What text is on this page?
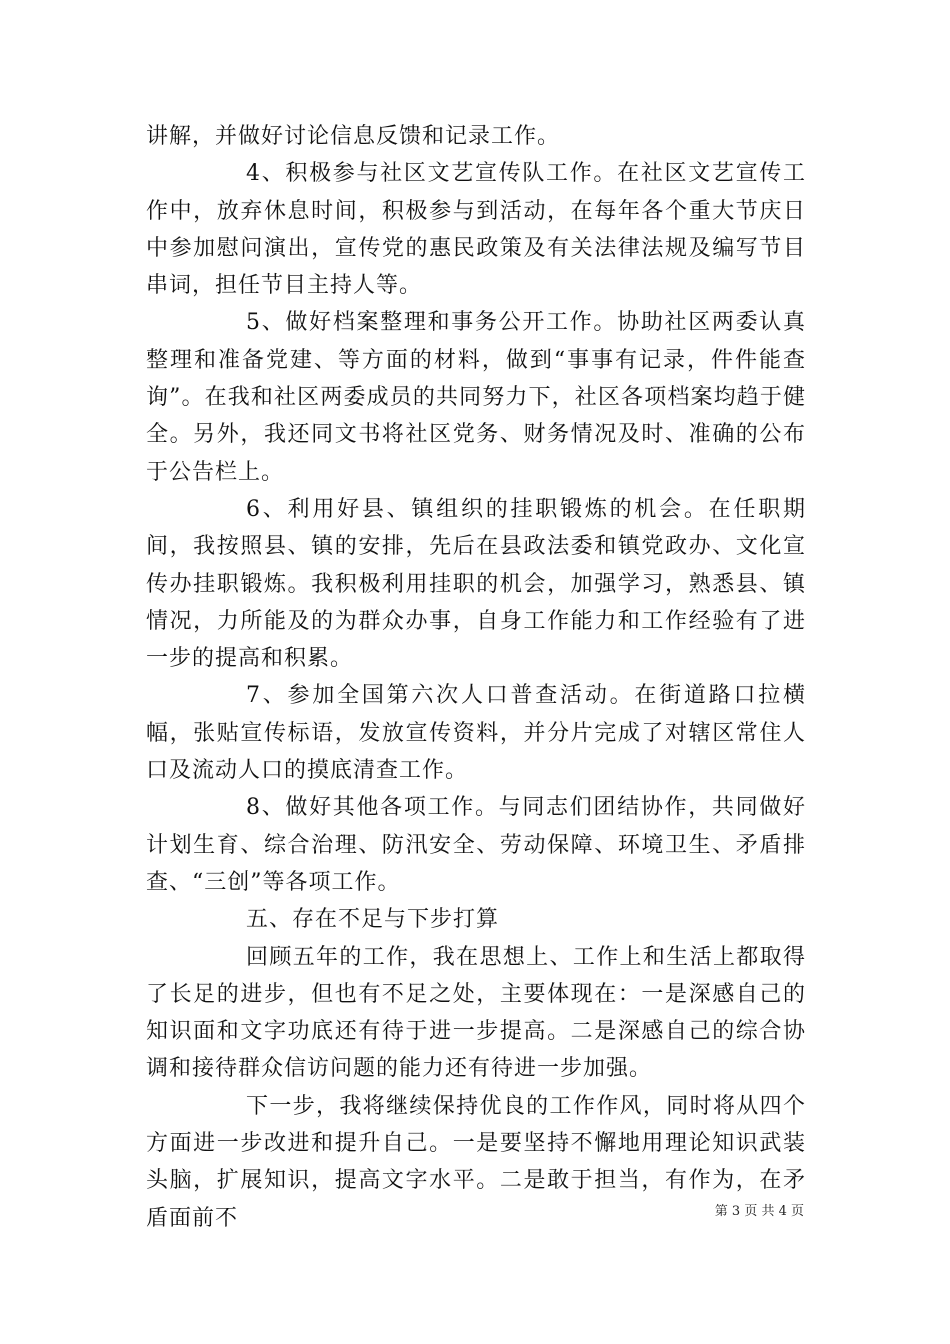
讲解，并做好讨论信息反馈和记录工作。

4、积极参与社区文艺宣传队工作。在社区文艺宣传工作中，放弃休息时间，积极参与到活动，在每年各个重大节庆日中参加慰问演出，宣传党的惠民政策及有关法律法规及编写节目串词，担任节目主持人等。

5、做好档案整理和事务公开工作。协助社区两委认真整理和准备党建、等方面的材料，做到“事事有记录，件件能查询”。在我和社区两委成员的共同努力下，社区各项档案均趋于健全。另外，我还同文书将社区党务、财务情况及时、准确的公布于公告栏上。

6、利用好县、镇组织的挂职锻炼的机会。在任职期间，我按照县、镇的安排，先后在县政法委和镇党政办、文化宣传办挂职锻炼。我积极利用挂职的机会，加强学习，熟悉县、镇情况，力所能及的为群众办事，自身工作能力和工作经验有了进一步的提高和积累。

7、参加全国第六次人口普查活动。在街道路口拉横幅，张贴宣传标语，发放宣传资料，并分片完成了对辖区常住人口及流动人口的摸底清查工作。

8、做好其他各项工作。与同志们团结协作，共同做好计划生育、综合治理、防汛安全、劳动保障、环境卫生、矛盾排查、“三创”等各项工作。

五、存在不足与下步打算

回顾五年的工作，我在思想上、工作上和生活上都取得了长足的进步，但也有不足之处，主要体现在：一是深感自己的知识面和文字功底还有待于进一步提高。二是深感自己的综合协调和接待群众信访问题的能力还有待进一步加强。

下一步，我将继续保持优良的工作作风，同时将从四个方面进一步改进和提升自己。一是要坚持不懈地用理论知识武装头脑，扩展知识，提高文字水平。二是敢于担当，有作为，在矛盾面前不	第 3 页 共 4 页
